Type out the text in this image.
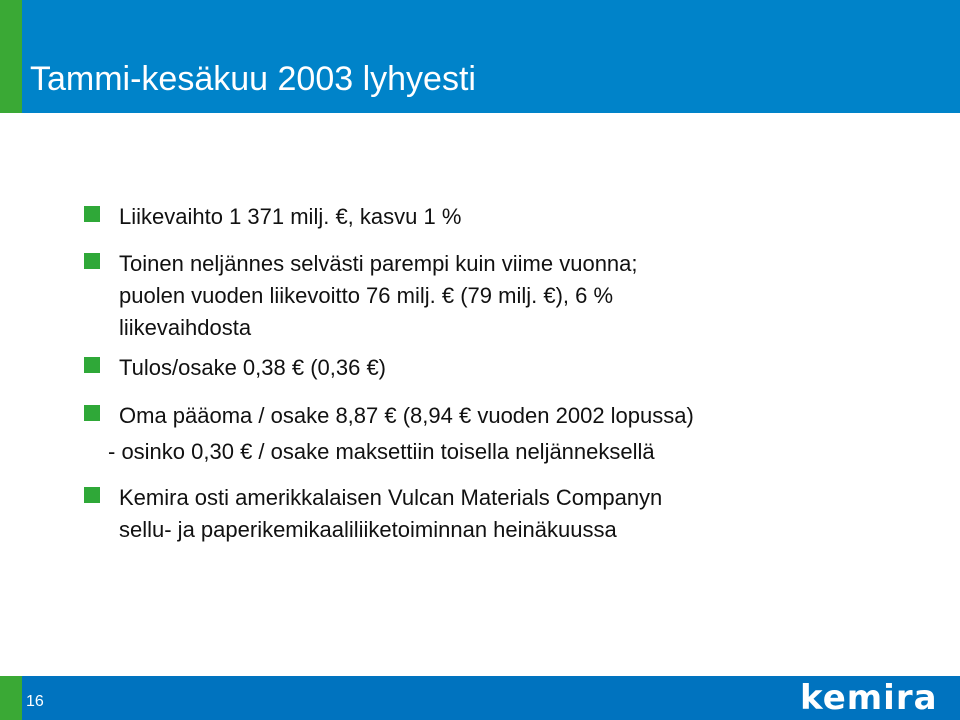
Tammi-kesäkuu 2003 lyhyesti
Liikevaihto 1 371 milj. €, kasvu 1 %
Toinen neljännes selvästi parempi kuin viime vuonna;
puolen vuoden liikevoitto 76 milj. € (79 milj. €), 6 %
liikevaihdosta
Tulos/osake 0,38 € (0,36 €)
Oma pääoma / osake 8,87 € (8,94 € vuoden 2002 lopussa)
- osinko 0,30 € / osake maksettiin toisella neljänneksellä
Kemira osti amerikkalaisen Vulcan Materials Companyn
sellu- ja paperikemikaaliliiketoiminnan heinäkuussa
16	kemira
